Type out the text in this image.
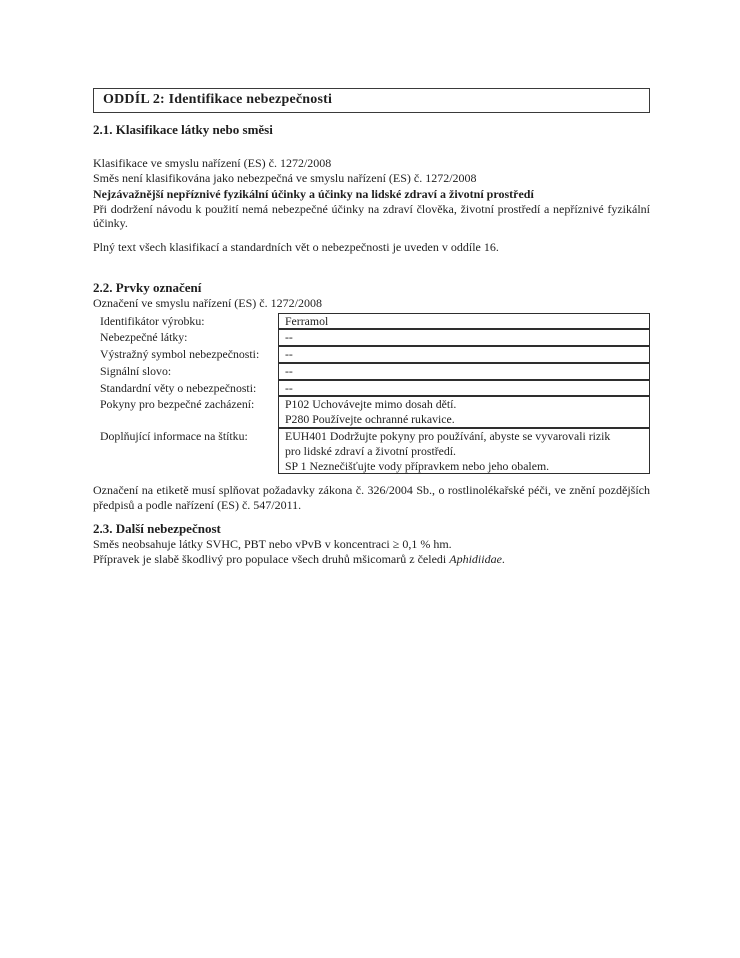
ODDÍL 2: Identifikace nebezpečnosti
2.1. Klasifikace látky nebo směsi
Klasifikace ve smyslu nařízení (ES) č. 1272/2008
Směs není klasifikována jako nebezpečná ve smyslu nařízení (ES) č. 1272/2008
Nejzávažnější nepříznivé fyzikální účinky a účinky na lidské zdraví a životní prostředí
Při dodržení návodu k použití nemá nebezpečné účinky na zdraví člověka, životní prostředí a nepříznivé fyzikální účinky.
Plný text všech klasifikací a standardních vět o nebezpečnosti je uveden v oddíle 16.
2.2. Prvky označení
Označení ve smyslu nařízení (ES) č. 1272/2008
Identifikátor výrobku:	Ferramol
Nebezpečné látky:	--
Výstražný symbol nebezpečnosti:	--
Signální slovo:	--
Standardní věty o nebezpečnosti:	--
Pokyny pro bezpečné zacházení:	P102 Uchovávejte mimo dosah dětí.
P280 Používejte ochranné rukavice.
Doplňující informace na štítku:	EUH401 Dodržujte pokyny pro používání, abyste se vyvarovali rizik
pro lidské zdraví a životní prostředí.
SP 1 Neznečišťujte vody přípravkem nebo jeho obalem.
Označení na etiketě musí splňovat požadavky zákona č. 326/2004 Sb., o rostlinolékařské péči, ve znění pozdějších předpisů a podle nařízení (ES) č. 547/2011.
2.3. Další nebezpečnost
Směs neobsahuje látky SVHC, PBT nebo vPvB v koncentraci ≥ 0,1 % hm.
Přípravek je slabě škodlivý pro populace všech druhů mšicomarů z čeledi Aphidiidae.
